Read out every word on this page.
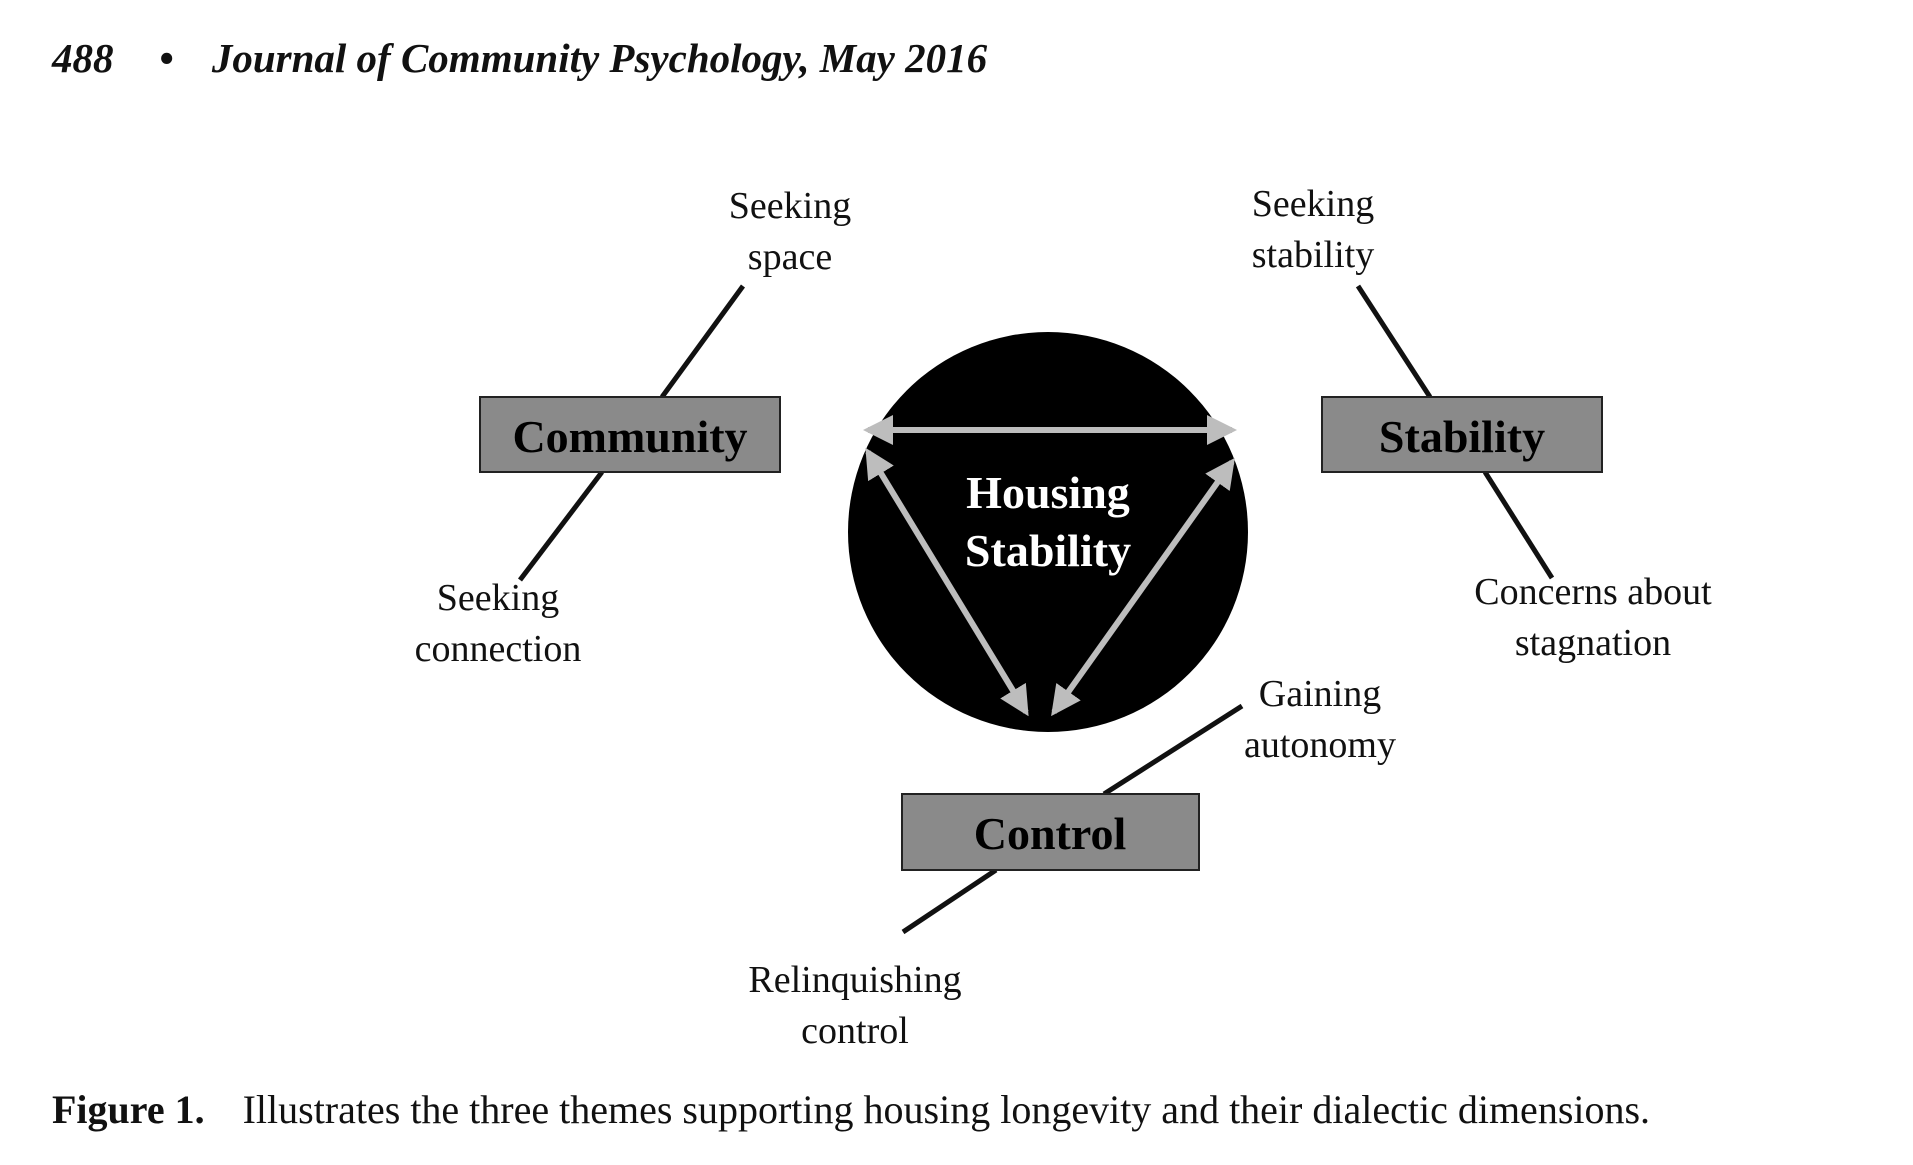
488 • Journal of Community Psychology, May 2016
Community	Stability
Control
Housing
Stability
Seeking
space
Seeking
connection
Seeking
stability
Concerns about
stagnation
Gaining
autonomy
Relinquishing
control
Figure 1. Illustrates the three themes supporting housing longevity and their dialectic dimensions.
